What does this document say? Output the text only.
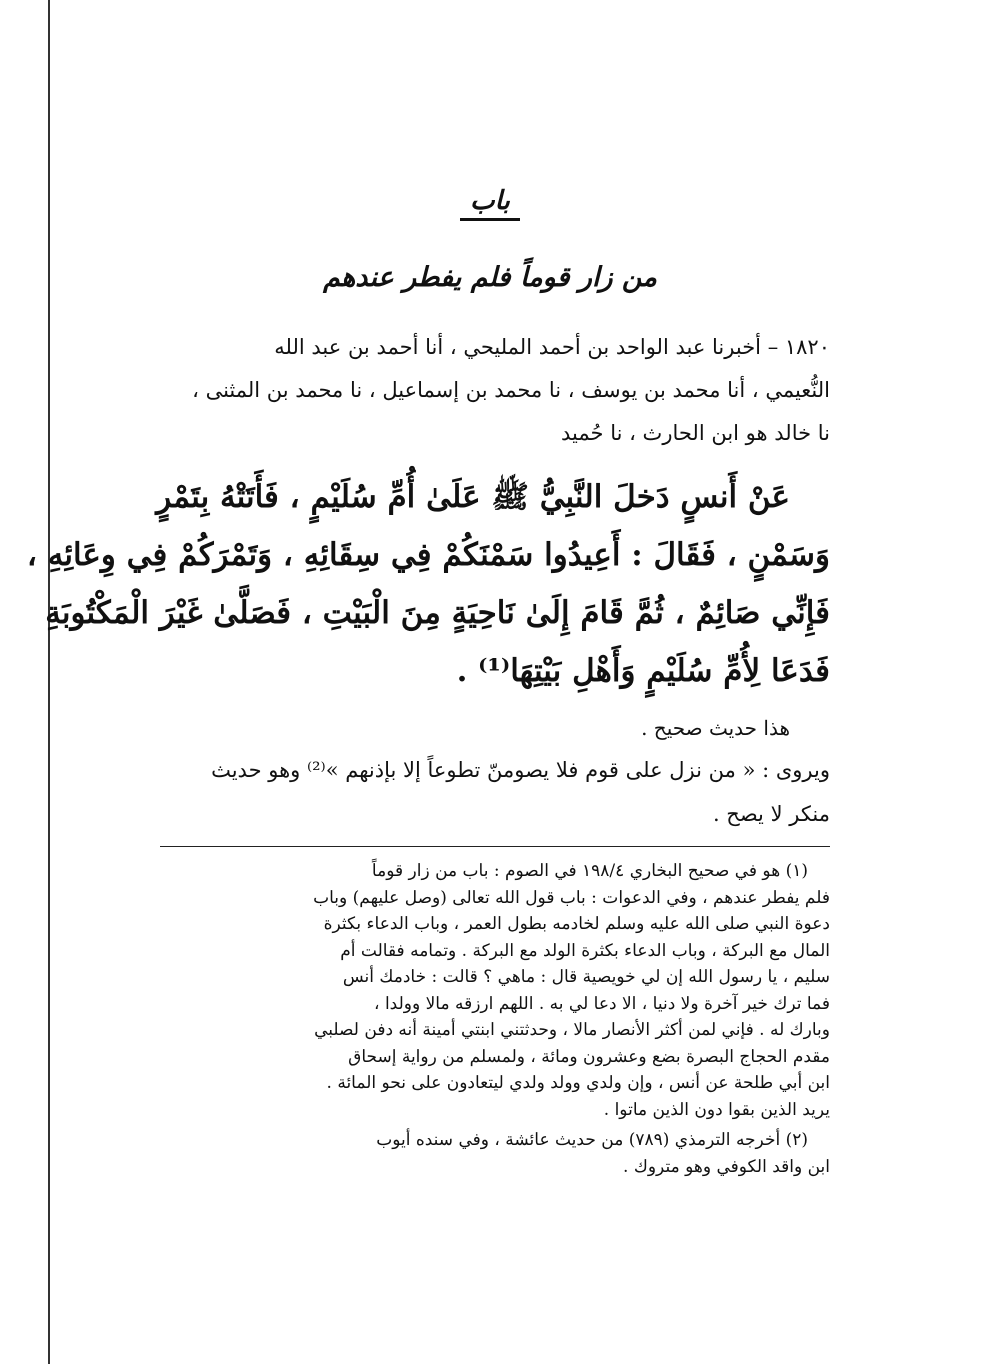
باب
من زار قوماً فلم يفطر عندهم
١٨٢٠ – أخبرنا عبد الواحد بن أحمد المليحي ، أنا أحمد بن عبد الله
النُّعيمي ، أنا محمد بن يوسف ، نا محمد بن إسماعيل ، نا محمد بن المثنى ،
نا خالد هو ابن الحارث ، نا حُميد
عَنْ أَنسٍ دَخلَ النَّبِيُّ ﷺ عَلَىٰ أُمِّ سُلَيْمٍ ، فَأَتَتْهُ بِتَمْرٍ
وَسَمْنٍ ، فَقَالَ : أَعِيدُوا سَمْنَكُمْ فِي سِقَائِهِ ، وَتَمْرَكُمْ فِي وِعَائِهِ ،
فَإِنِّي صَائِمٌ ، ثُمَّ قَامَ إِلَىٰ نَاحِيَةٍ مِنَ الْبَيْتِ ، فَصَلَّىٰ غَيْرَ الْمَكْتُوبَةِ
فَدَعَا لِأُمِّ سُلَيْمٍ وَأَهْلِ بَيْتِهَا⁽¹⁾ .
هذا حديث صحيح .
ويروى : « من نزل على قوم فلا يصومنّ تطوعاً إلا بإذنهم »⁽²⁾ وهو حديث
منكر لا يصح .
(١) هو في صحيح البخاري ١٩٨/٤ في الصوم : باب من زار قوماً
فلم يفطر عندهم ، وفي الدعوات : باب قول الله تعالى (وصل عليهم) وباب
دعوة النبي صلى الله عليه وسلم لخادمه بطول العمر ، وباب الدعاء بكثرة
المال مع البركة ، وباب الدعاء بكثرة الولد مع البركة . وتمامه فقالت أم
سليم ، يا رسول الله إن لي خويصية قال : ماهي ؟ قالت : خادمك أنس
فما ترك خير آخرة ولا دنيا ، الا دعا لي به . اللهم ارزقه مالا وولدا ،
وبارك له . فإني لمن أكثر الأنصار مالا ، وحدثتني ابنتي أمينة أنه دفن لصلبي
مقدم الحجاج البصرة بضع وعشرون ومائة ، ولمسلم من رواية إسحاق
ابن أبي طلحة عن أنس ، وإن ولدي وولد ولدي ليتعادون على نحو المائة .
يريد الذين بقوا دون الذين ماتوا .
(٢) أخرجه الترمذي (٧٨٩) من حديث عائشة ، وفي سنده أيوب
ابن واقد الكوفي وهو متروك .
